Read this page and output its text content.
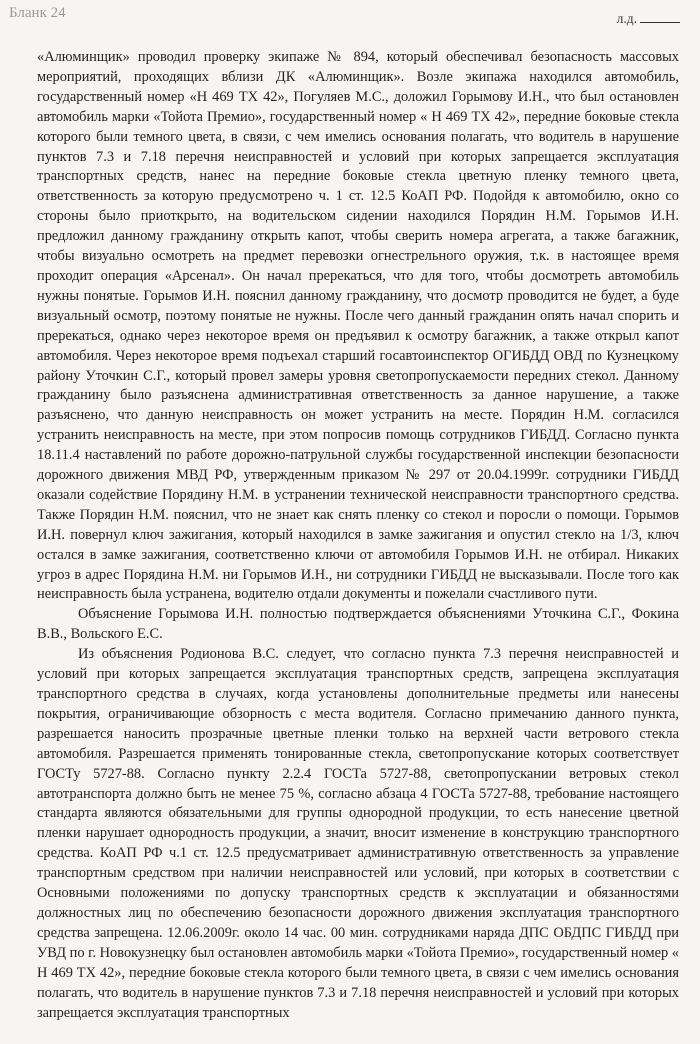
Бланк 24	л.д.

«Алюминщик» проводил проверку экипаже № 894, который обеспечивал безопасность массовых мероприятий, проходящих вблизи ДК «Алюминщик». Возле экипажа находился автомобиль, государственный номер «Н 469 ТХ 42», Погуляев М.С., доложил Горымову И.Н., что был остановлен автомобиль марки «Тойота Премио», государственный номер « Н 469 ТХ 42», передние боковые стекла которого были темного цвета, в связи, с чем имелись основания полагать, что водитель в нарушение пунктов 7.3 и 7.18 перечня неисправностей и условий при которых запрещается эксплуатация транспортных средств, нанес на передние боковые стекла цветную пленку темного цвета, ответственность за которую предусмотрено ч. 1 ст. 12.5 КоАП РФ. Подойдя к автомобилю, окно со стороны было приоткрыто, на водительском сидении находился Порядин Н.М. Горымов И.Н. предложил данному гражданину открыть капот, чтобы сверить номера агрегата, а также багажник, чтобы визуально осмотреть на предмет перевозки огнестрельного оружия, т.к. в настоящее время проходит операция «Арсенал». Он начал пререкаться, что для того, чтобы досмотреть автомобиль нужны понятые. Горымов И.Н. пояснил данному гражданину, что досмотр проводится не будет, а буде визуальный осмотр, поэтому понятые не нужны. После чего данный гражданин опять начал спорить и пререкаться, однако через некоторое время он предъявил к осмотру багажник, а также открыл капот автомобиля. Через некоторое время подъехал старший госавтоинспектор ОГИБДД ОВД по Кузнецкому району Уточкин С.Г., который провел замеры уровня светопропускаемости передних стекол. Данному гражданину было разъяснена административная ответственность за данное нарушение, а также разъяснено, что данную неисправность он может устранить на месте. Порядин Н.М. согласился устранить неисправность на месте, при этом попросив помощь сотрудников ГИБДД. Согласно пункта 18.11.4 наставлений по работе дорожно-патрульной службы государственной инспекции безопасности дорожного движения МВД РФ, утвержденным приказом № 297 от 20.04.1999г. сотрудники ГИБДД оказали содействие Порядину Н.М. в устранении технической неисправности транспортного средства. Также Порядин Н.М. пояснил, что не знает как снять пленку со стекол и поросли о помощи. Горымов И.Н. повернул ключ зажигания, который находился в замке зажигания и опустил стекло на 1/3, ключ остался в замке зажигания, соответственно ключи от автомобиля Горымов И.Н. не отбирал. Никаких угроз в адрес Порядина Н.М. ни Горымов И.Н., ни сотрудники ГИБДД не высказывали. После того как неисправность была устранена, водителю отдали документы и пожелали счастливого пути.

Объяснение Горымова И.Н. полностью подтверждается объяснениями Уточкина С.Г., Фокина В.В., Вольского Е.С.

Из объяснения Родионова В.С. следует, что согласно пункта 7.3 перечня неисправностей и условий при которых запрещается эксплуатация транспортных средств, запрещена эксплуатация транспортного средства в случаях, когда установлены дополнительные предметы или нанесены покрытия, ограничивающие обзорность с места водителя. Согласно примечанию данного пункта, разрешается наносить прозрачные цветные пленки только на верхней части ветрового стекла автомобиля. Разрешается применять тонированные стекла, светопропускание которых соответствует ГОСТу 5727-88. Согласно пункту 2.2.4 ГОСТа 5727-88, светопропускании ветровых стекол автотранспорта должно быть не менее 75 %, согласно абзаца 4 ГОСТа 5727-88, требование настоящего стандарта являются обязательными для группы однородной продукции, то есть нанесение цветной пленки нарушает однородность продукции, а значит, вносит изменение в конструкцию транспортного средства. КоАП РФ ч.1 ст. 12.5 предусматривает административную ответственность за управление транспортным средством при наличии неисправностей или условий, при которых в соответствии с Основными положениями по допуску транспортных средств к эксплуатации и обязанностями должностных лиц по обеспечению безопасности дорожного движения эксплуатация транспортного средства запрещена. 12.06.2009г. около 14 час. 00 мин. сотрудниками наряда ДПС ОБДПС ГИБДД при УВД по г. Новокузнецку был остановлен автомобиль марки «Тойота Премио», государственный номер « Н 469 ТХ 42», передние боковые стекла которого были темного цвета, в связи с чем имелись основания полагать, что водитель в нарушение пунктов 7.3 и 7.18 перечня неисправностей и условий при которых запрещается эксплуатация транспортных
